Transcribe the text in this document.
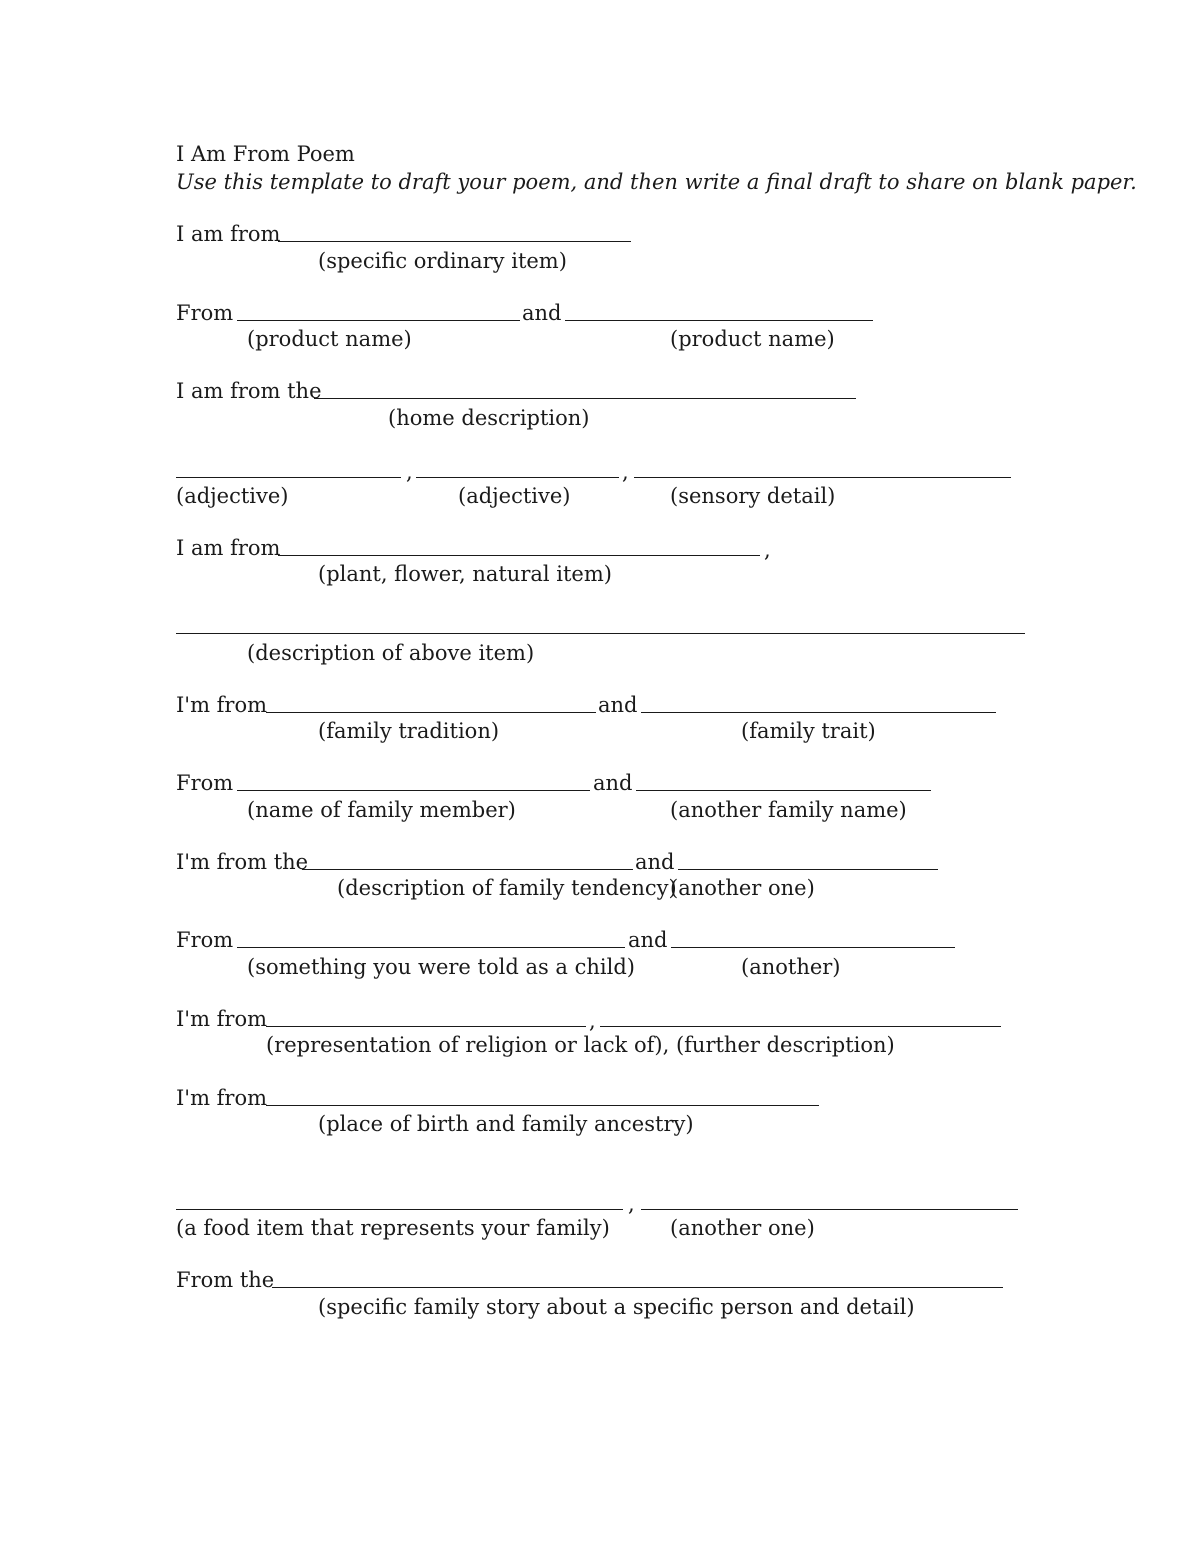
I Am From Poem
Use this template to draft your poem, and then write a final draft to share on blank paper.
I am from
(specific ordinary item)
From	and
(product name)	(product name)
I am from the
(home description)
,	,
(adjective)	(adjective)	(sensory detail)
I am from	,
(plant, flower, natural item)
(description of above item)
I'm from	and
(family tradition)	(family trait)
From	and
(name of family member)	(another family name)
I'm from the	and
(description of family tendency)
(another one)
From	and
(something you were told as a child)	(another)
I'm from	,
(representation of religion or lack of), (further description)
I'm from
(place of birth and family ancestry)
,
(a food item that represents your family)	(another one)
From the
(specific family story about a specific person and detail)
